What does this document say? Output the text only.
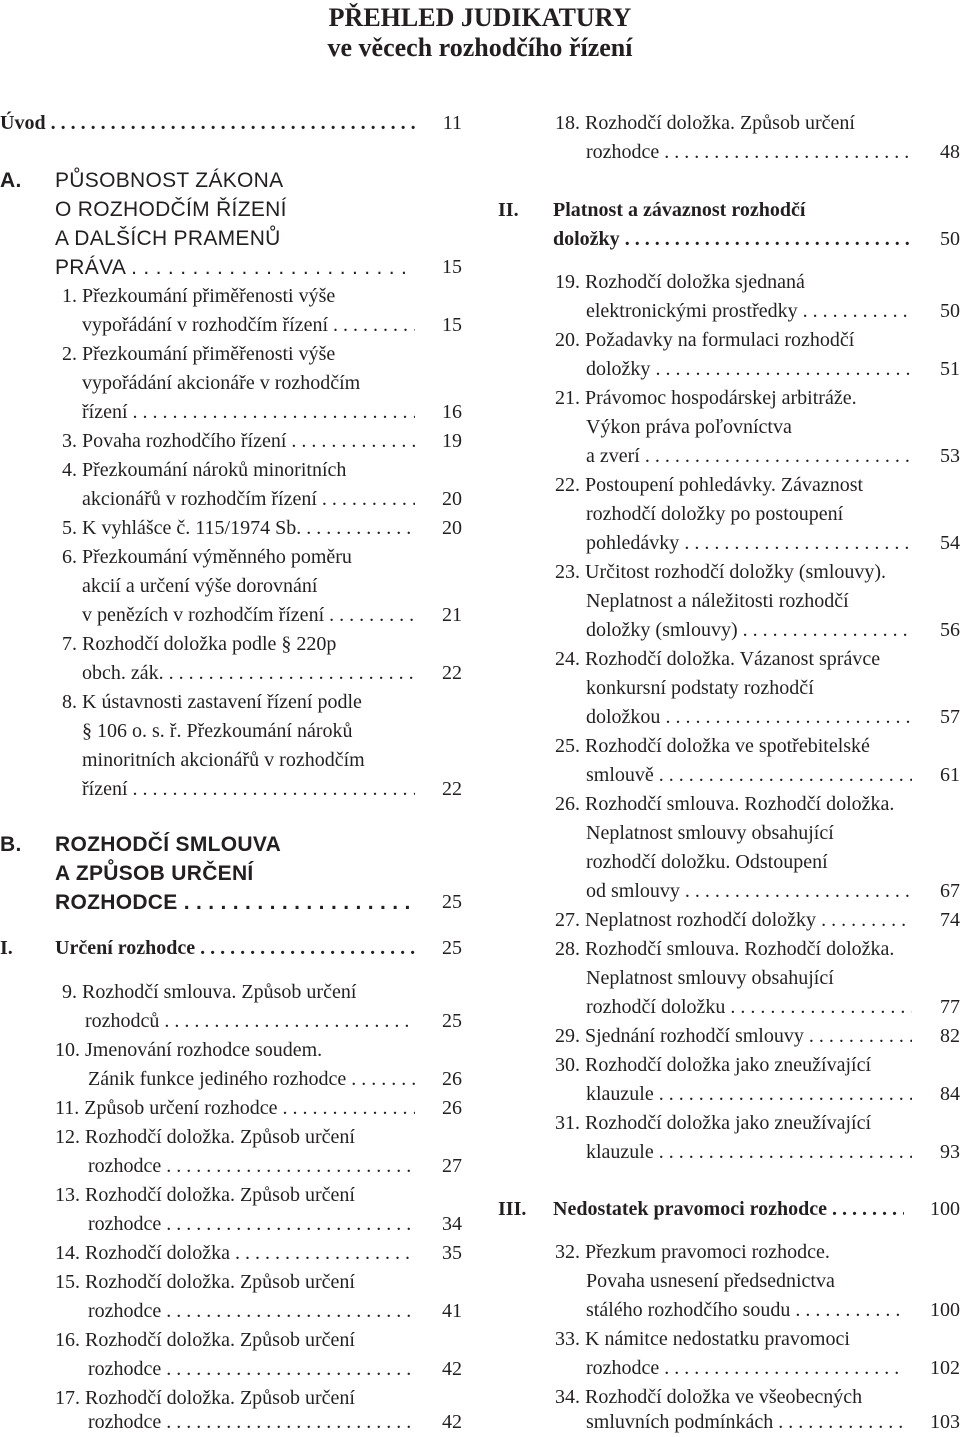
PŘEHLED JUDIKATURY
ve věcech rozhodčího řízení
Úvod . . .	11
A. PŮSOBNOST ZÁKONA
O ROZHODČÍM ŘÍZENÍ
A DALŠÍCH PRAMENŮ
PRÁVA . . .	15
1. Přezkoumání přiměřenosti výše
vypořádání v rozhodčím řízení . . .	15
2. Přezkoumání přiměřenosti výše
vypořádání akcionáře v rozhodčím
řízení . . .	16
3. Povaha rozhodčího řízení . . .	19
4. Přezkoumání nároků minoritních
akcionářů v rozhodčím řízení . . .	20
5. K vyhlášce č. 115/1974 Sb. . . .	20
6. Přezkoumání výměnného poměru
akcií a určení výše dorovnání
v penězích v rozhodčím řízení . . .	21
7. Rozhodčí doložka podle § 220p
obch. zák. . . .	22
8. K ústavnosti zastavení řízení podle
§ 106 o. s. ř. Přezkoumání nároků
minoritních akcionářů v rozhodčím
řízení . . .	22
B. ROZHODČÍ SMLOUVA
A ZPŮSOB URČENÍ
ROZHODCE . . .	25
I. Určení rozhodce . . .	25
9. Rozhodčí smlouva. Způsob určení
rozhodců . . .	25
10. Jmenování rozhodce soudem.
Zánik funkce jediného rozhodce . . .	26
11. Způsob určení rozhodce . . .	26
12. Rozhodčí doložka. Způsob určení
rozhodce . . .	27
13. Rozhodčí doložka. Způsob určení
rozhodce . . .	34
14. Rozhodčí doložka . . .	35
15. Rozhodčí doložka. Způsob určení
rozhodce . . .	41
16. Rozhodčí doložka. Způsob určení
rozhodce . . .	42
17. Rozhodčí doložka. Způsob určení
rozhodce . . .	42
18. Rozhodčí doložka. Způsob určení
rozhodce . . .	48
II. Platnost a závaznost rozhodčí
doložky . . .	50
19. Rozhodčí doložka sjednaná
elektronickými prostředky . . .	50
20. Požadavky na formulaci rozhodčí
doložky . . .	51
21. Právomoc hospodárskej arbitráže.
Výkon práva poľovníctva
a zverí . . .	53
22. Postoupení pohledávky. Závaznost
rozhodčí doložky po postoupení
pohledávky . . .	54
23. Určitost rozhodčí doložky (smlouvy).
Neplatnost a náležitosti rozhodčí
doložky (smlouvy) . . .	56
24. Rozhodčí doložka. Vázanost správce
konkursní podstaty rozhodčí
doložkou . . .	57
25. Rozhodčí doložka ve spotřebitelské
smlouvě . . .	61
26. Rozhodčí smlouva. Rozhodčí doložka.
Neplatnost smlouvy obsahující
rozhodčí doložku. Odstoupení
od smlouvy . . .	67
27. Neplatnost rozhodčí doložky . . .	74
28. Rozhodčí smlouva. Rozhodčí doložka.
Neplatnost smlouvy obsahující
rozhodčí doložku . . .	77
29. Sjednání rozhodčí smlouvy . . .	82
30. Rozhodčí doložka jako zneužívající
klauzule . . .	84
31. Rozhodčí doložka jako zneužívající
klauzule . . .	93
III. Nedostatek pravomoci rozhodce . . .	100
32. Přezkum pravomoci rozhodce.
Povaha usnesení předsednictva
stálého rozhodčího soudu . . .	100
33. K námitce nedostatku pravomoci
rozhodce . . .	102
34. Rozhodčí doložka ve všeobecných
smluvních podmínkách . . .	103
